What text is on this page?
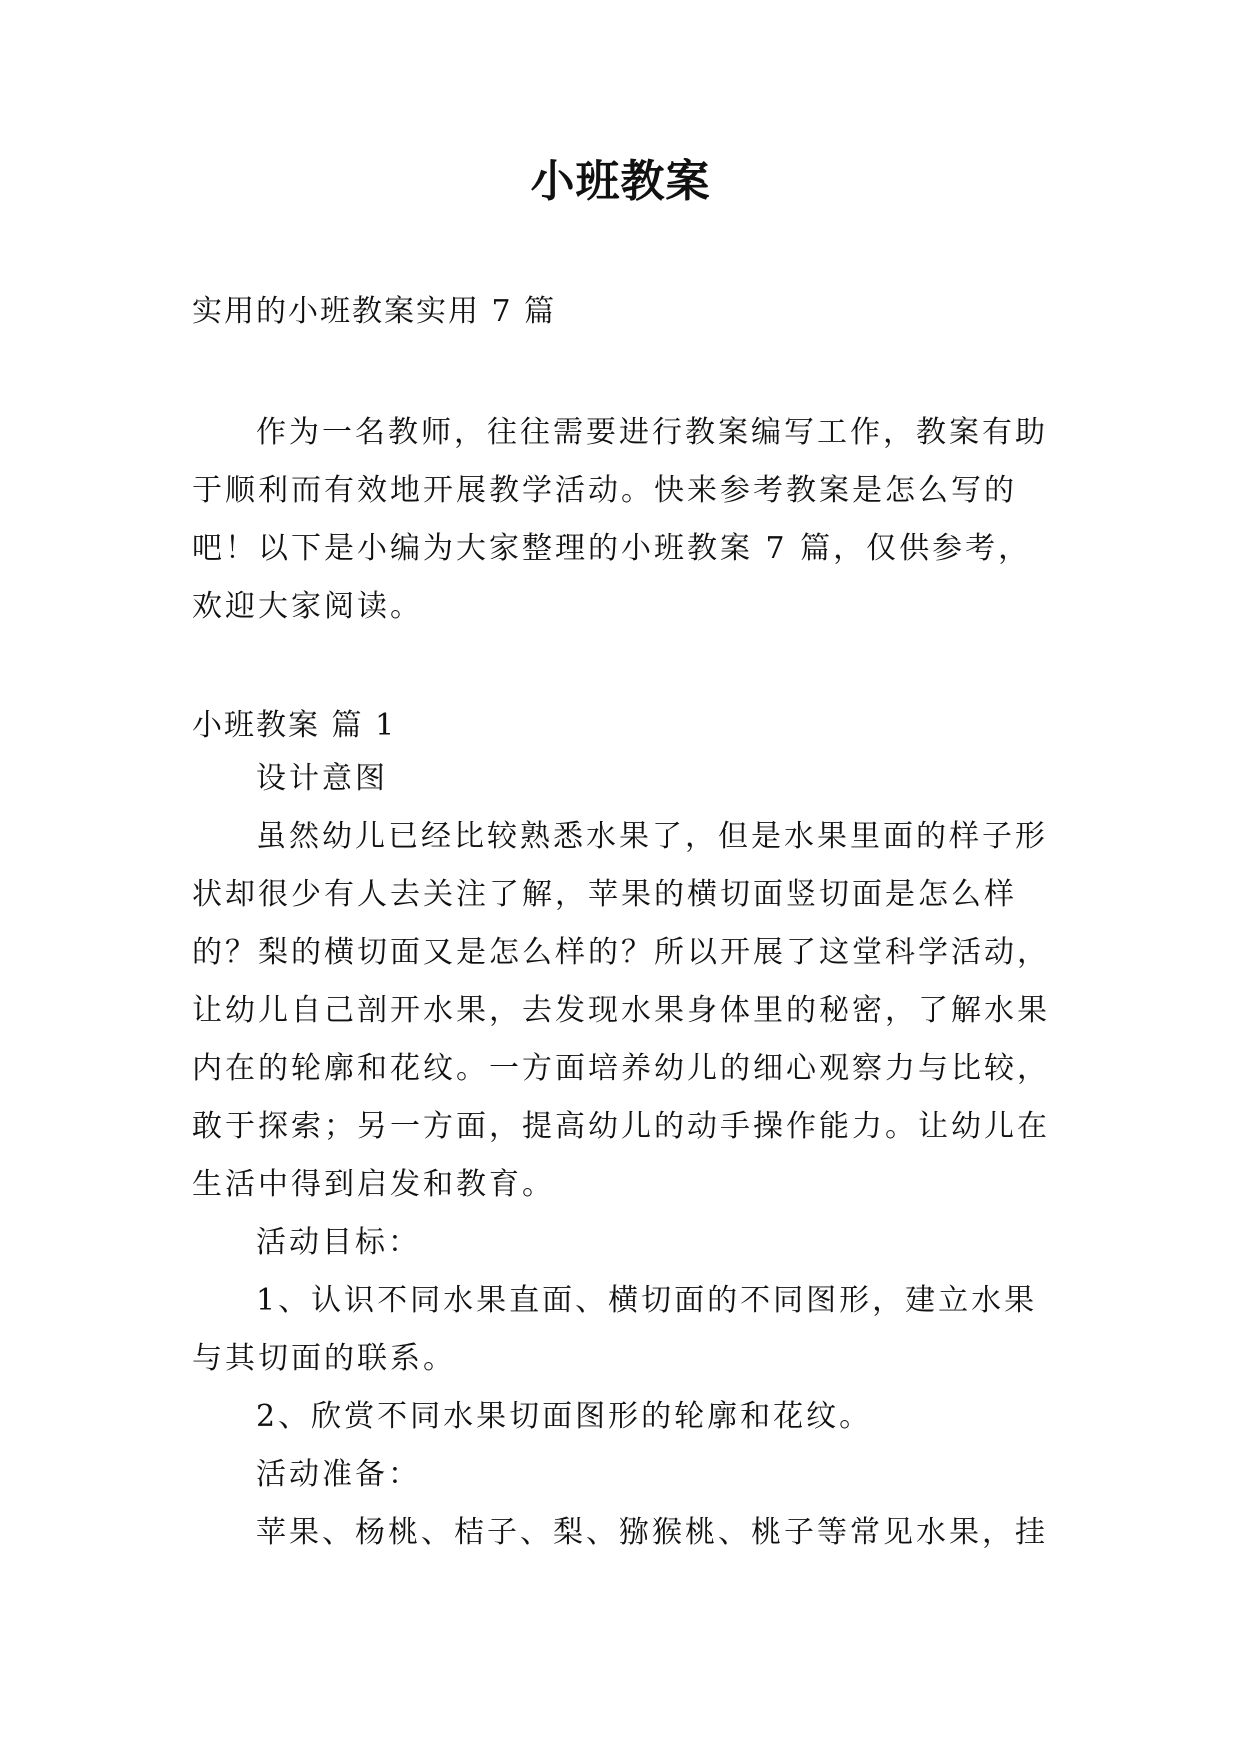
小班教案
实用的小班教案实用 7 篇

作为一名教师，往往需要进行教案编写工作，教案有助于顺利而有效地开展教学活动。快来参考教案是怎么写的吧！以下是小编为大家整理的小班教案 7 篇，仅供参考，欢迎大家阅读。

小班教案 篇 1

设计意图

虽然幼儿已经比较熟悉水果了，但是水果里面的样子形状却很少有人去关注了解，苹果的横切面竖切面是怎么样的？梨的横切面又是怎么样的？所以开展了这堂科学活动，让幼儿自己剖开水果，去发现水果身体里的秘密，了解水果内在的轮廓和花纹。一方面培养幼儿的细心观察力与比较，敢于探索；另一方面，提高幼儿的动手操作能力。让幼儿在生活中得到启发和教育。

活动目标：

1、认识不同水果直面、横切面的不同图形，建立水果与其切面的联系。

2、欣赏不同水果切面图形的轮廓和花纹。

活动准备：

苹果、杨桃、桔子、梨、猕猴桃、桃子等常见水果，挂
